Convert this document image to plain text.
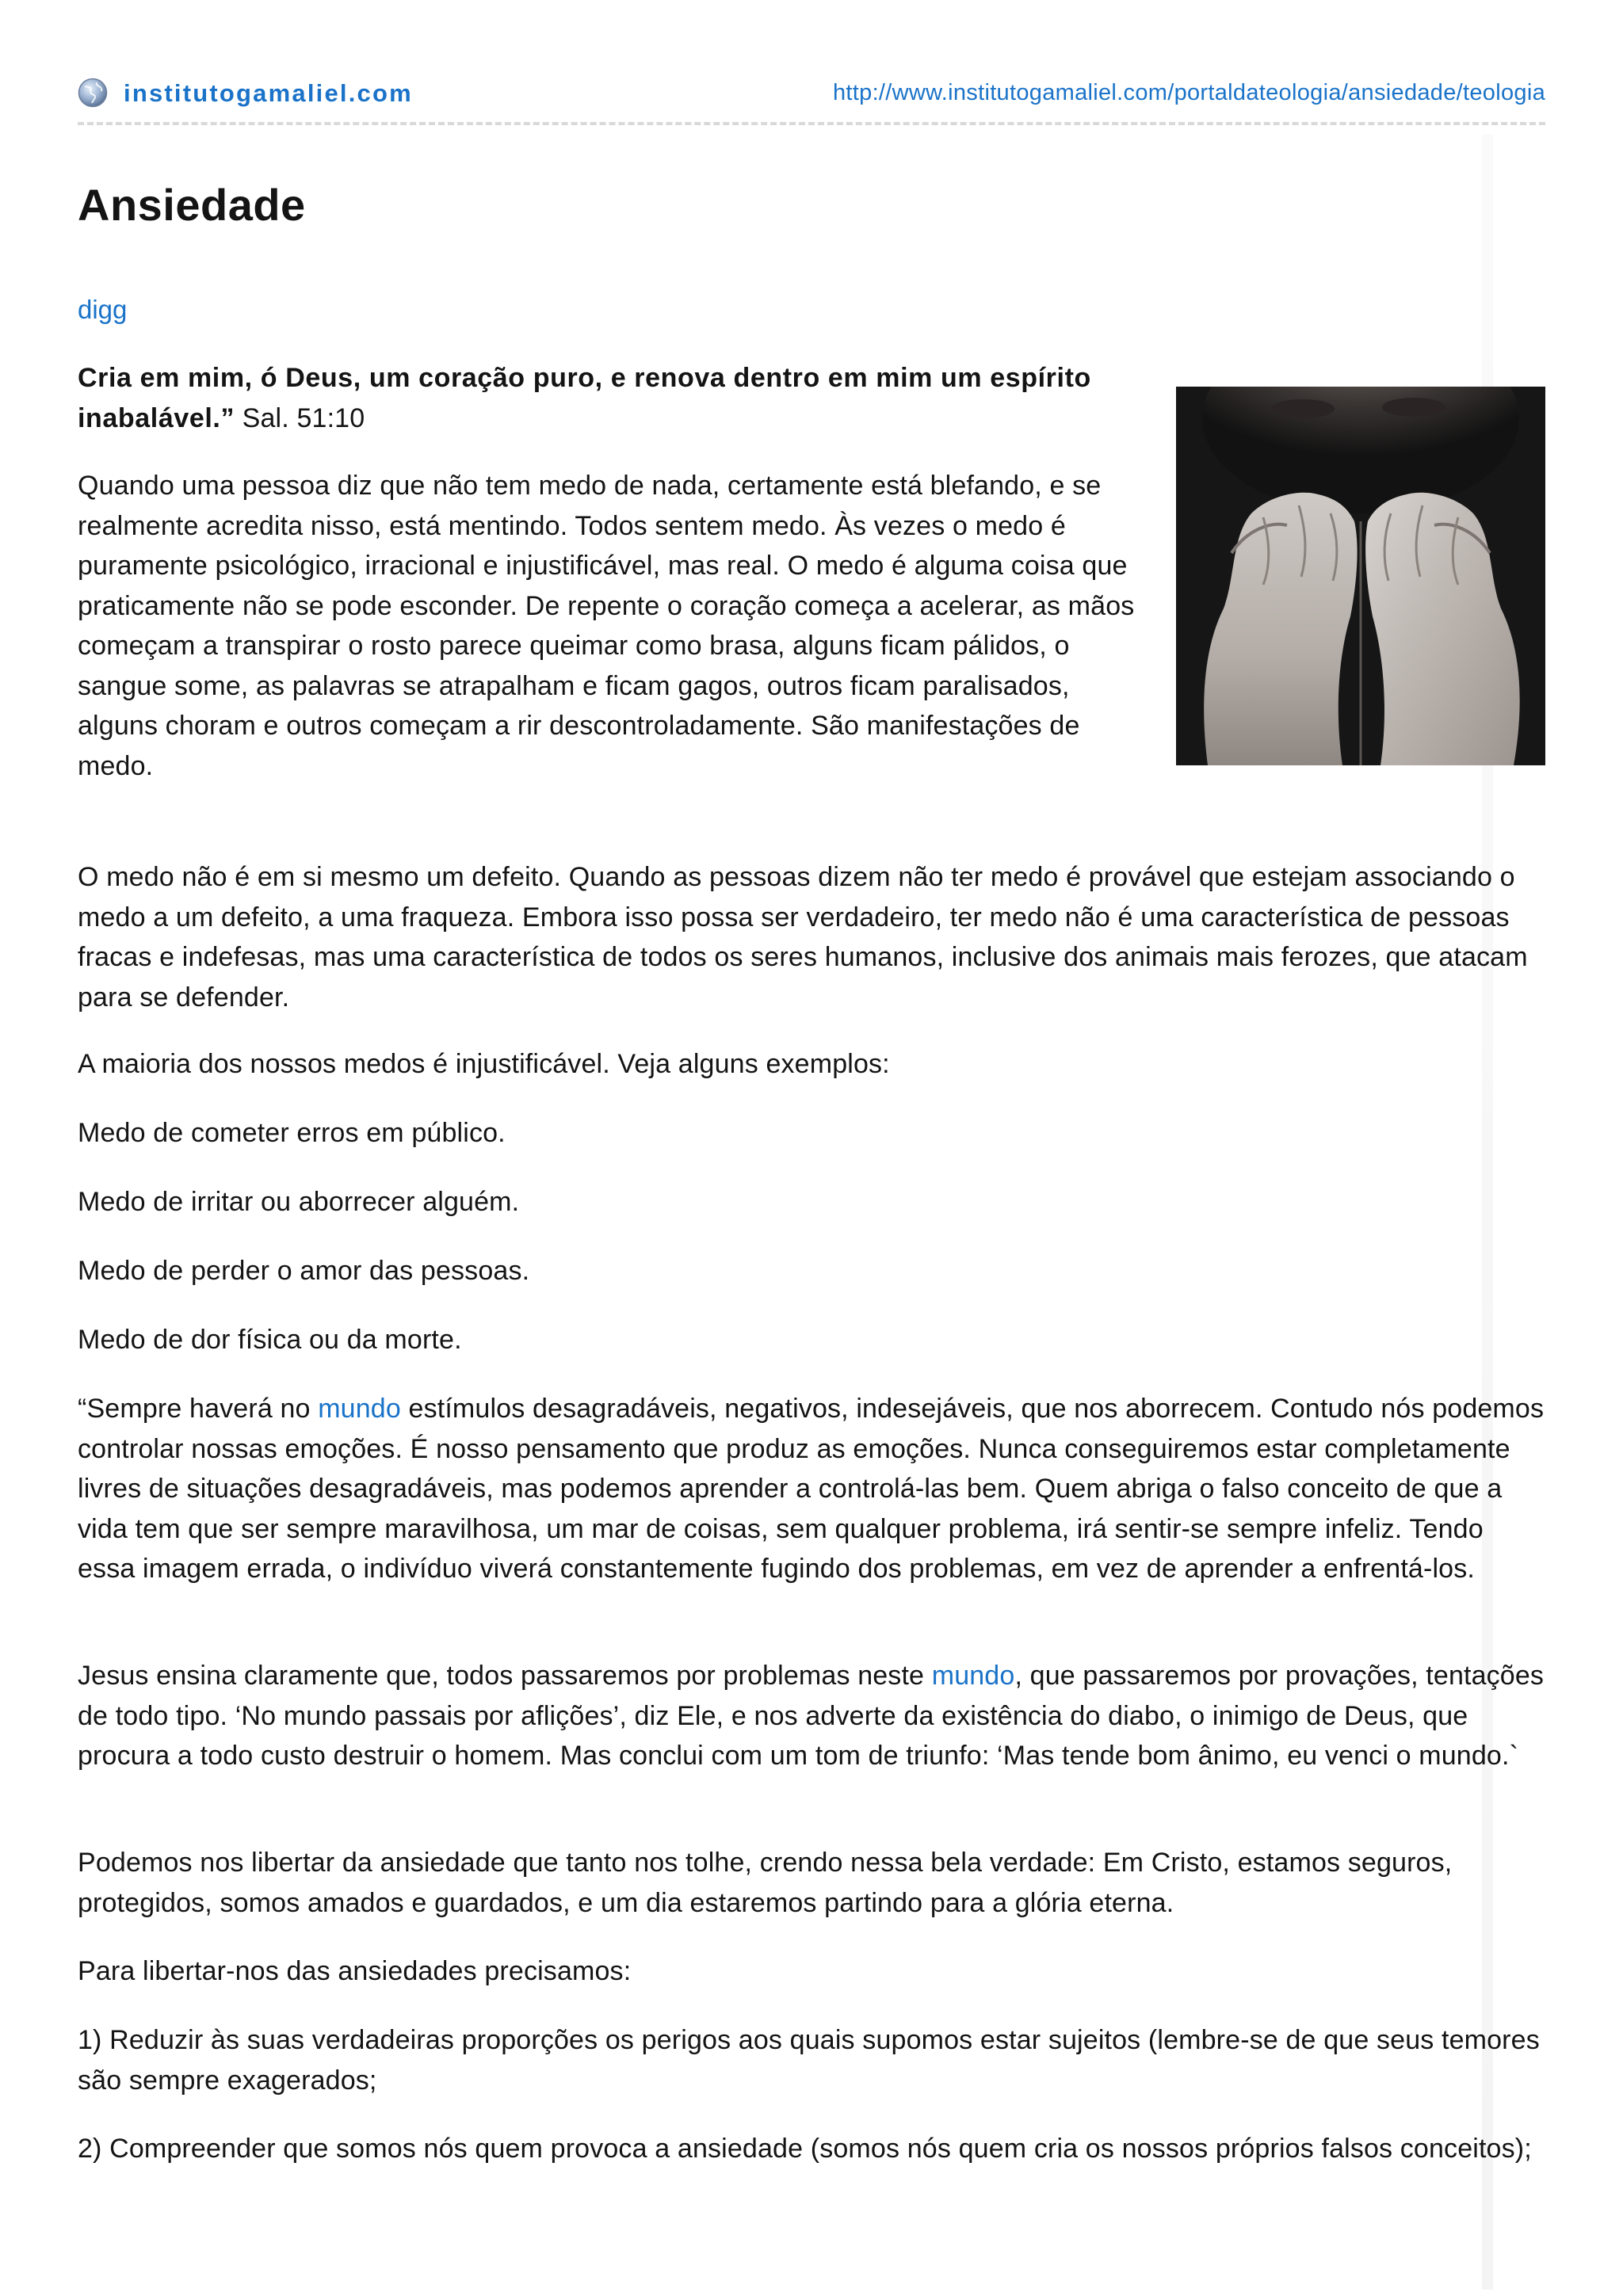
institutogamaliel.com	http://www.institutogamaliel.com/portaldateologia/ansiedade/teologia
Ansiedade
digg

Cria em mim, ó Deus, um coração puro, e renova dentro em mim um espírito inabalável.” Sal. 51:10

Quando uma pessoa diz que não tem medo de nada, certamente está blefando, e se realmente acredita nisso, está mentindo. Todos sentem medo. Às vezes o medo é puramente psicológico, irracional e injustificável, mas real. O medo é alguma coisa que praticamente não se pode esconder. De repente o coração começa a acelerar, as mãos começam a transpirar o rosto parece queimar como brasa, alguns ficam pálidos, o sangue some, as palavras se atrapalham e ficam gagos, outros ficam paralisados, alguns choram e outros começam a rir descontroladamente. São manifestações de medo.

O medo não é em si mesmo um defeito. Quando as pessoas dizem não ter medo é provável que estejam associando o medo a um defeito, a uma fraqueza. Embora isso possa ser verdadeiro, ter medo não é uma característica de pessoas fracas e indefesas, mas uma característica de todos os seres humanos, inclusive dos animais mais ferozes, que atacam para se defender.

A maioria dos nossos medos é injustificável. Veja alguns exemplos:

Medo de cometer erros em público.

Medo de irritar ou aborrecer alguém.

Medo de perder o amor das pessoas.

Medo de dor física ou da morte.

“Sempre haverá no mundo estímulos desagradáveis, negativos, indesejáveis, que nos aborrecem. Contudo nós podemos controlar nossas emoções. É nosso pensamento que produz as emoções. Nunca conseguiremos estar completamente livres de situações desagradáveis, mas podemos aprender a controlá-las bem. Quem abriga o falso conceito de que a vida tem que ser sempre maravilhosa, um mar de coisas, sem qualquer problema, irá sentir-se sempre infeliz. Tendo essa imagem errada, o indivíduo viverá constantemente fugindo dos problemas, em vez de aprender a enfrentá-los.

Jesus ensina claramente que, todos passaremos por problemas neste mundo, que passaremos por provações, tentações de todo tipo. ‘No mundo passais por aflições’, diz Ele, e nos adverte da existência do diabo, o inimigo de Deus, que procura a todo custo destruir o homem. Mas conclui com um tom de triunfo: ‘Mas tende bom ânimo, eu venci o mundo.`

Podemos nos libertar da ansiedade que tanto nos tolhe, crendo nessa bela verdade: Em Cristo, estamos seguros, protegidos, somos amados e guardados, e um dia estaremos partindo para a glória eterna.

Para libertar-nos das ansiedades precisamos:

1) Reduzir às suas verdadeiras proporções os perigos aos quais supomos estar sujeitos (lembre-se de que seus temores são sempre exagerados;

2) Compreender que somos nós quem provoca a ansiedade (somos nós quem cria os nossos próprios falsos conceitos);
